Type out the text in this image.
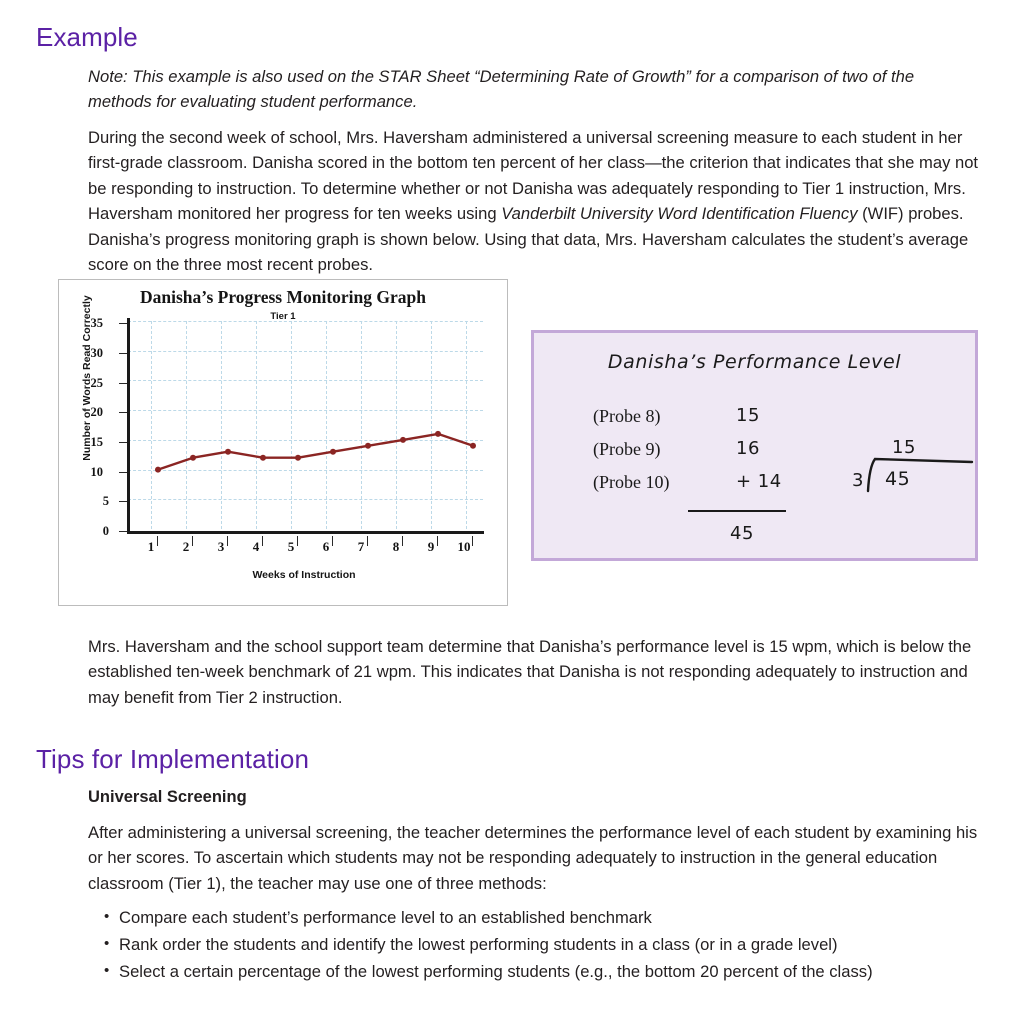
Example
Note: This example is also used on the STAR Sheet “Determining Rate of Growth” for a comparison of two of the methods for evaluating student performance.
During the second week of school, Mrs. Haversham administered a universal screening measure to each student in her first-grade classroom. Danisha scored in the bottom ten percent of her class—the criterion that indicates that she may not be responding to instruction. To determine whether or not Danisha was adequately responding to Tier 1 instruction, Mrs. Haversham monitored her progress for ten weeks using Vanderbilt University Word Identification Fluency (WIF) probes. Danisha’s progress monitoring graph is shown below. Using that data, Mrs. Haversham calculates the student’s average score on the three most recent probes.
Danisha’s Progress Monitoring Graph
Tier 1
0
5
10
15
20
25
30
35
1	2	3	4	5	6	7	8	9	10
Weeks of Instruction
Number of Words Read Correctly	Danisha’s Performance Level
(Probe 8)	15
(Probe 9)	16
(Probe 10)	+ 14
45
15
3 45
Mrs. Haversham and the school support team determine that Danisha’s performance level is 15 wpm, which is below the established ten-week benchmark of 21 wpm. This indicates that Danisha is not responding adequately to instruction and may benefit from Tier 2 instruction.
Tips for Implementation
Universal Screening
After administering a universal screening, the teacher determines the performance level of each student by examining his or her scores. To ascertain which students may not be responding adequately to instruction in the general education classroom (Tier 1), the teacher may use one of three methods:
• Compare each student’s performance level to an established benchmark
• Rank order the students and identify the lowest performing students in a class (or in a grade level)
• Select a certain percentage of the lowest performing students (e.g., the bottom 20 percent of the class)
